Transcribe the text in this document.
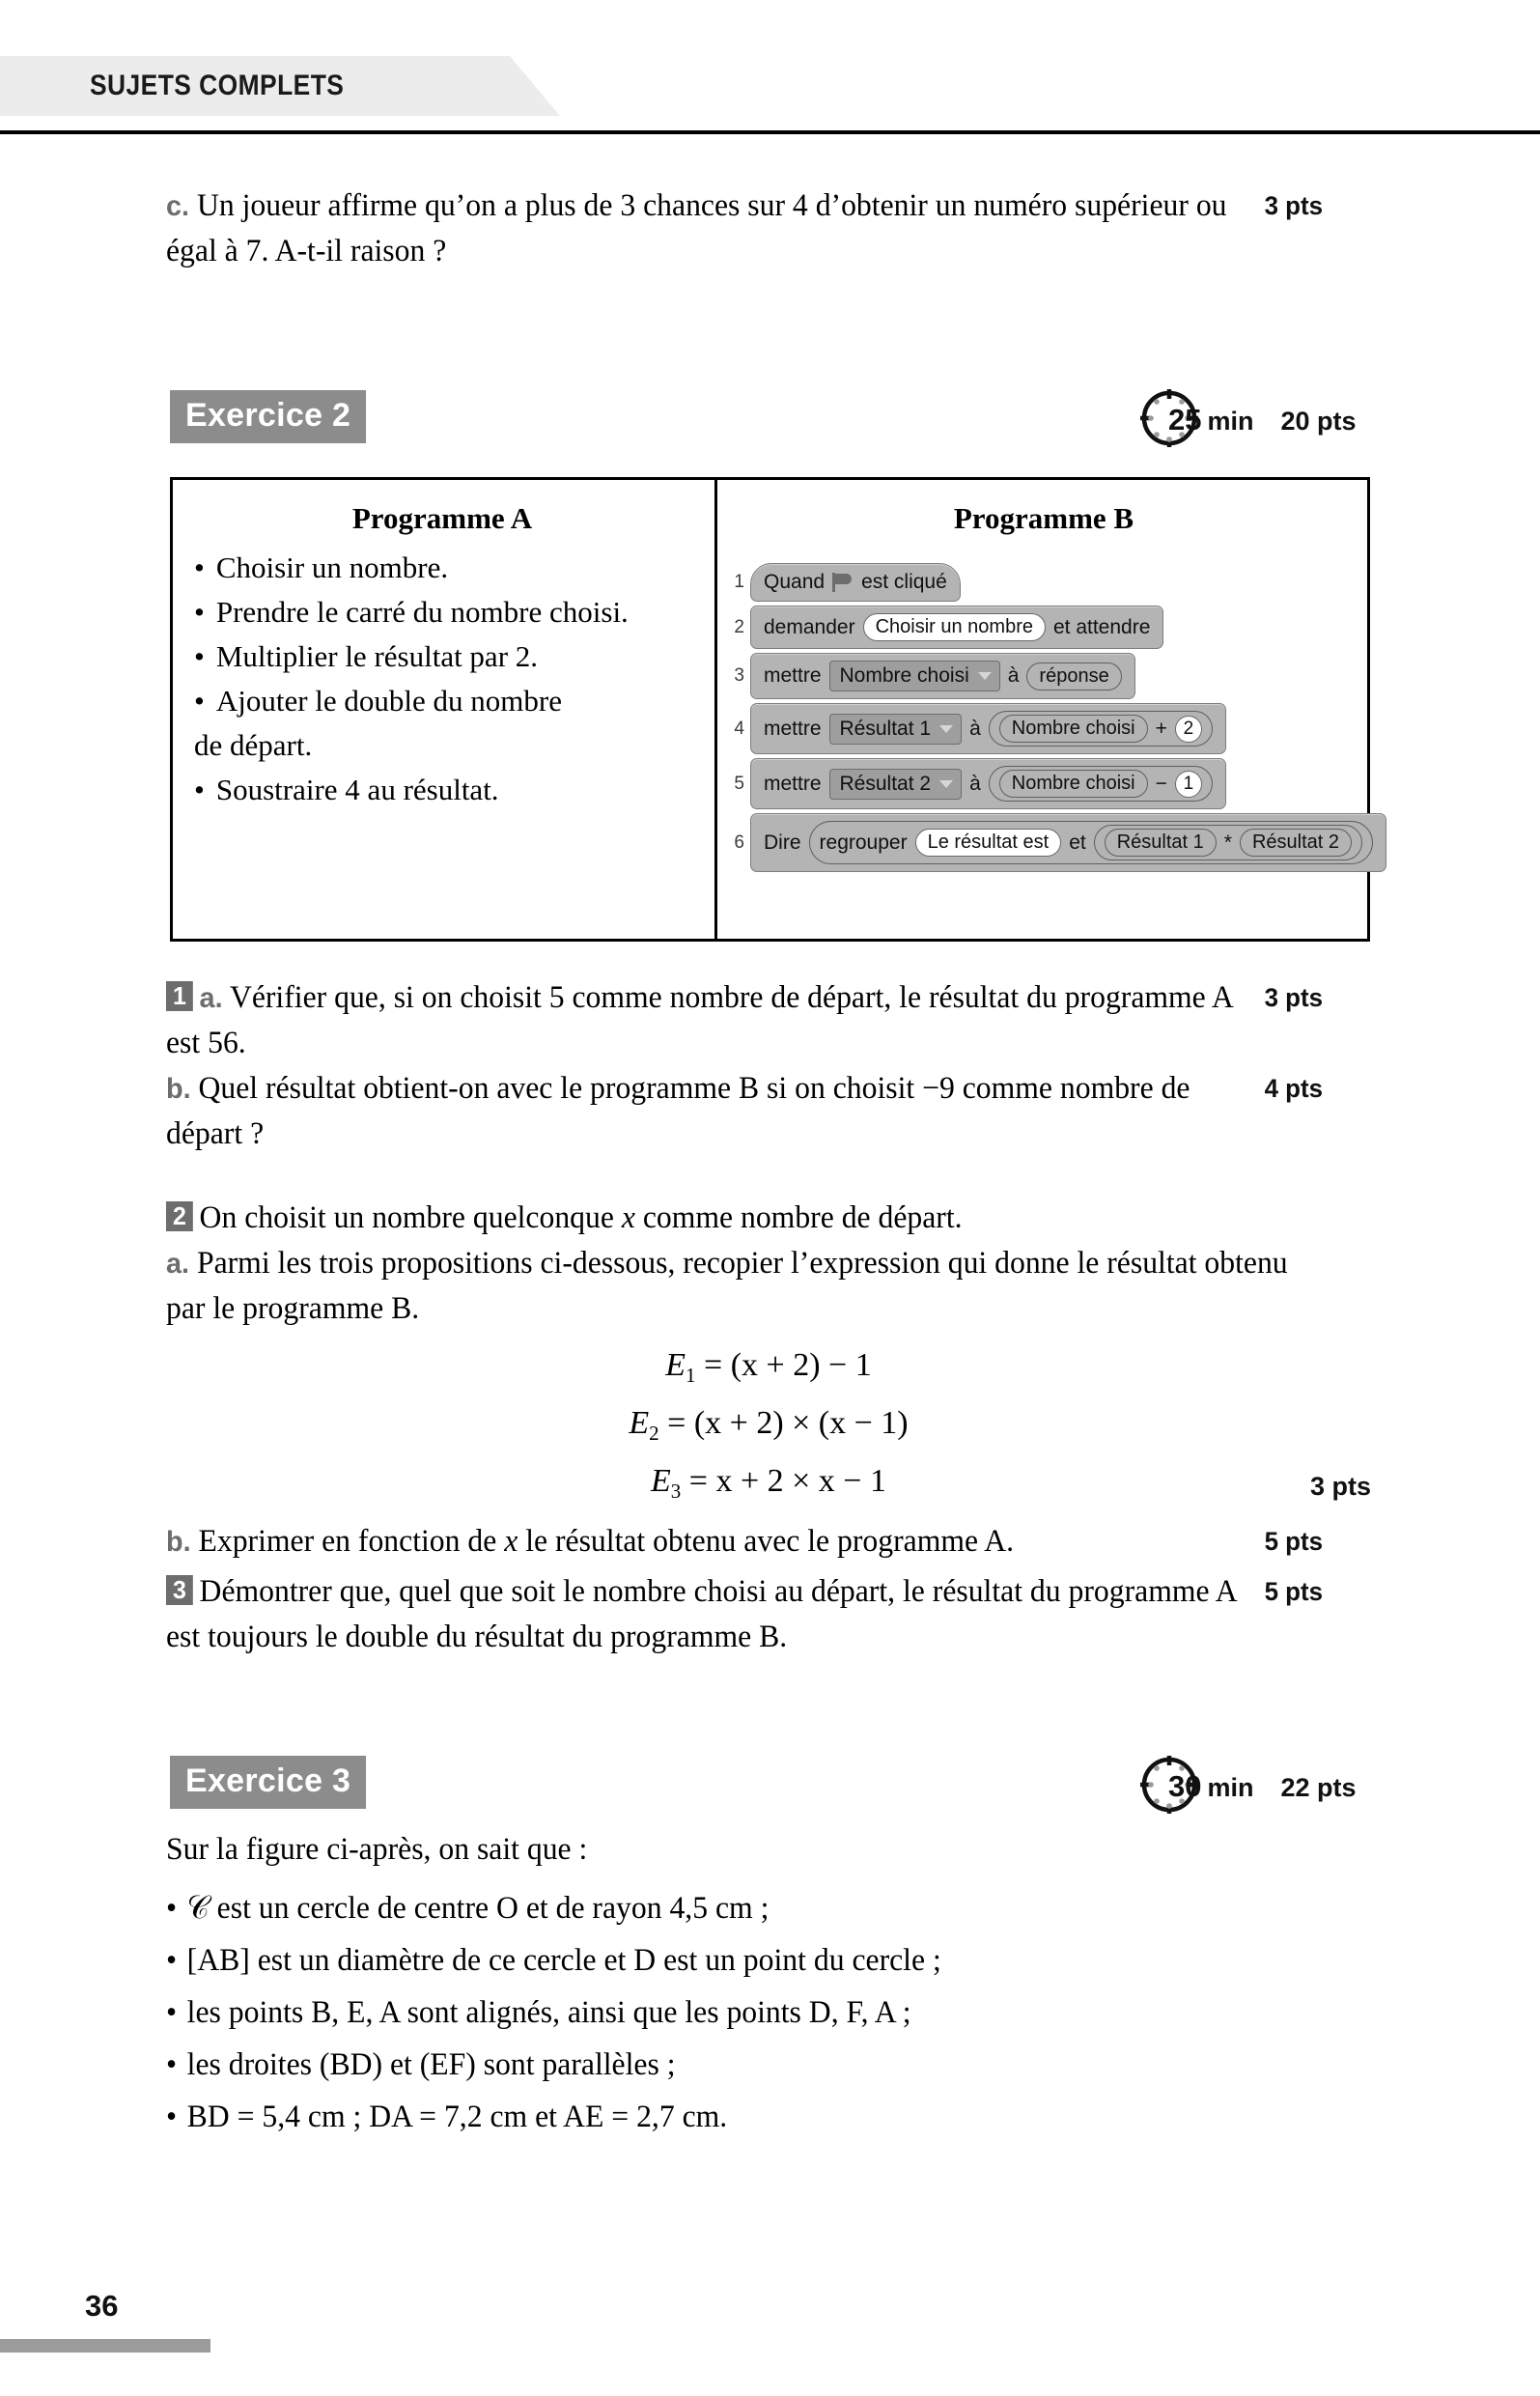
SUJETS COMPLETS
3 pts
c. Un joueur affirme qu’on a plus de 3 chances sur 4 d’obtenir un numéro supérieur ou égal à 7. A-t-il raison ?
Exercice 2	25 min 20 pts
Programme A
• Choisir un nombre.
• Prendre le carré du nombre choisi.
• Multiplier le résultat par 2.
• Ajouter le double du nombre
de départ.
• Soustraire 4 au résultat.
Programme B
1 Quand est cliqué
2 demander	Choisir un nombre	et attendre
3 mettre Nombre choisi à	réponse
4 mettre Résultat 1 à	Nombre choisi	+ 2
5 mettre Résultat 2 à	Nombre choisi	− 1
6 Dire regrouper	Le résultat est	et	Résultat 1	*	Résultat 2
3 pts
1 a. Vérifier que, si on choisit 5 comme nombre de départ, le résultat du programme A est 56.
4 pts
b. Quel résultat obtient-on avec le programme B si on choisit −9 comme nombre de départ ?
2 On choisit un nombre quelconque x comme nombre de départ.
a. Parmi les trois propositions ci-dessous, recopier l’expression qui donne le résultat obtenu par le programme B.
$E_1 = (x + 2) - 1$
$E_2 = (x + 2) \times (x - 1)$
3 pts
$E_3 = x + 2 \times x - 1$
5 pts
b. Exprimer en fonction de x le résultat obtenu avec le programme A.
5 pts
3 Démontrer que, quel que soit le nombre choisi au départ, le résultat du programme A est toujours le double du résultat du programme B.
Exercice 3	30 min 22 pts
Sur la figure ci-après, on sait que :
• 𝒞 est un cercle de centre O et de rayon 4,5 cm ;
• [AB] est un diamètre de ce cercle et D est un point du cercle ;
• les points B, E, A sont alignés, ainsi que les points D, F, A ;
• les droites (BD) et (EF) sont parallèles ;
• BD = 5,4 cm ; DA = 7,2 cm et AE = 2,7 cm.
36
